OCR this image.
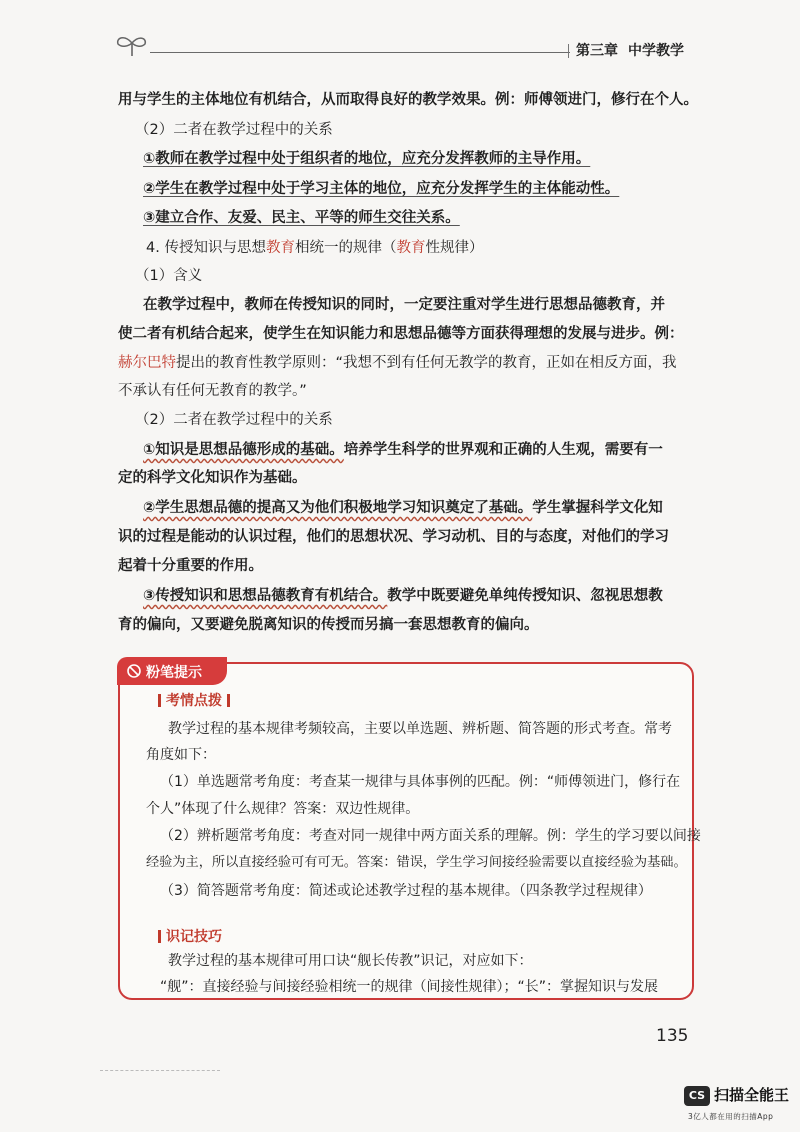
第三章 中学教学
用与学生的主体地位有机结合，从而取得良好的教学效果。例：师傅领进门，修行在个人。
（2）二者在教学过程中的关系
①教师在教学过程中处于组织者的地位，应充分发挥教师的主导作用。
②学生在教学过程中处于学习主体的地位，应充分发挥学生的主体能动性。
③建立合作、友爱、民主、平等的师生交往关系。
4. 传授知识与思想教育相统一的规律（教育性规律）
（1）含义
在教学过程中，教师在传授知识的同时，一定要注重对学生进行思想品德教育，并
使二者有机结合起来，使学生在知识能力和思想品德等方面获得理想的发展与进步。例：
赫尔巴特提出的教育性教学原则：“我想不到有任何无教学的教育，正如在相反方面，我
不承认有任何无教育的教学。”
（2）二者在教学过程中的关系
①知识是思想品德形成的基础。培养学生科学的世界观和正确的人生观，需要有一
定的科学文化知识作为基础。
②学生思想品德的提高又为他们积极地学习知识奠定了基础。学生掌握科学文化知
识的过程是能动的认识过程，他们的思想状况、学习动机、目的与态度，对他们的学习
起着十分重要的作用。
③传授知识和思想品德教育有机结合。教学中既要避免单纯传授知识、忽视思想教
育的偏向，又要避免脱离知识的传授而另搞一套思想教育的偏向。
粉笔提示
考情点拨
教学过程的基本规律考频较高，主要以单选题、辨析题、简答题的形式考查。常考
角度如下：
（1）单选题常考角度：考查某一规律与具体事例的匹配。例：“师傅领进门，修行在
个人”体现了什么规律？答案：双边性规律。
（2）辨析题常考角度：考查对同一规律中两方面关系的理解。例：学生的学习要以间接
经验为主，所以直接经验可有可无。答案：错误，学生学习间接经验需要以直接经验为基础。
（3）简答题常考角度：简述或论述教学过程的基本规律。（四条教学过程规律）
识记技巧
教学过程的基本规律可用口诀“舰长传教”识记，对应如下：
“舰”：直接经验与间接经验相统一的规律（间接性规律）；“长”：掌握知识与发展
135
CS 扫描全能王
3亿人都在用的扫描App
